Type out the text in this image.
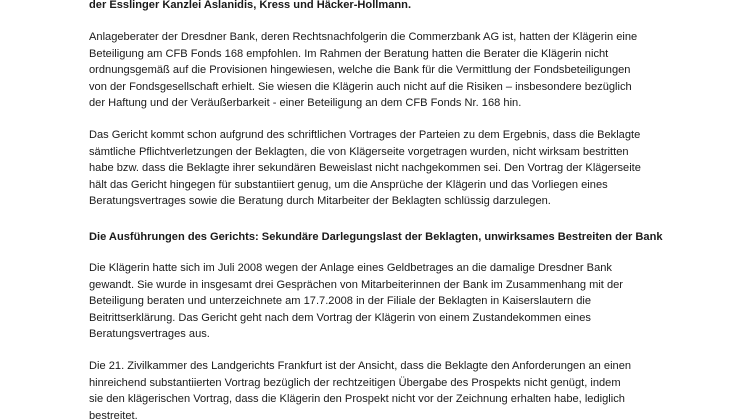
der Esslinger Kanzlei Aslanidis, Kress und Häcker-Hollmann.

Anlageberater der Dresdner Bank, deren Rechtsnachfolgerin die Commerzbank AG ist, hatten der Klägerin eine
Beteiligung am CFB Fonds 168 empfohlen. Im Rahmen der Beratung hatten die Berater die Klägerin nicht
ordnungsgemäß auf die Provisionen hingewiesen, welche die Bank für die Vermittlung der Fondsbeteiligungen
von der Fondsgesellschaft erhielt. Sie wiesen die Klägerin auch nicht auf die Risiken – insbesondere bezüglich
der Haftung und der Veräußerbarkeit - einer Beteiligung an dem CFB Fonds Nr. 168 hin.

Das Gericht kommt schon aufgrund des schriftlichen Vortrages der Parteien zu dem Ergebnis, dass die Beklagte
sämtliche Pflichtverletzungen der Beklagten, die von Klägerseite vorgetragen wurden, nicht wirksam bestritten
habe bzw. dass die Beklagte ihrer sekundären Beweislast nicht nachgekommen sei. Den Vortrag der Klägerseite
hält das Gericht hingegen für substantiiert genug, um die Ansprüche der Klägerin und das Vorliegen eines
Beratungsvertrages sowie die Beratung durch Mitarbeiter der Beklagten schlüssig darzulegen.

Die Ausführungen des Gerichts: Sekundäre Darlegungslast der Beklagten, unwirksames Bestreiten der Bank

Die Klägerin hatte sich im Juli 2008 wegen der Anlage eines Geldbetrages an die damalige Dresdner Bank
gewandt. Sie wurde in insgesamt drei Gesprächen von Mitarbeiterinnen der Bank im Zusammenhang mit der
Beteiligung beraten und unterzeichnete am 17.7.2008 in der Filiale der Beklagten in Kaiserslautern die
Beitrittserklärung. Das Gericht geht nach dem Vortrag der Klägerin von einem Zustandekommen eines
Beratungsvertrages aus.

Die 21. Zivilkammer des Landgerichts Frankfurt ist der Ansicht, dass die Beklagte den Anforderungen an einen
hinreichend substantiierten Vortrag bezüglich der rechtzeitigen Übergabe des Prospekts nicht genügt, indem
sie den klägerischen Vortrag, dass die Klägerin den Prospekt nicht vor der Zeichnung erhalten habe, lediglich
bestreitet.
